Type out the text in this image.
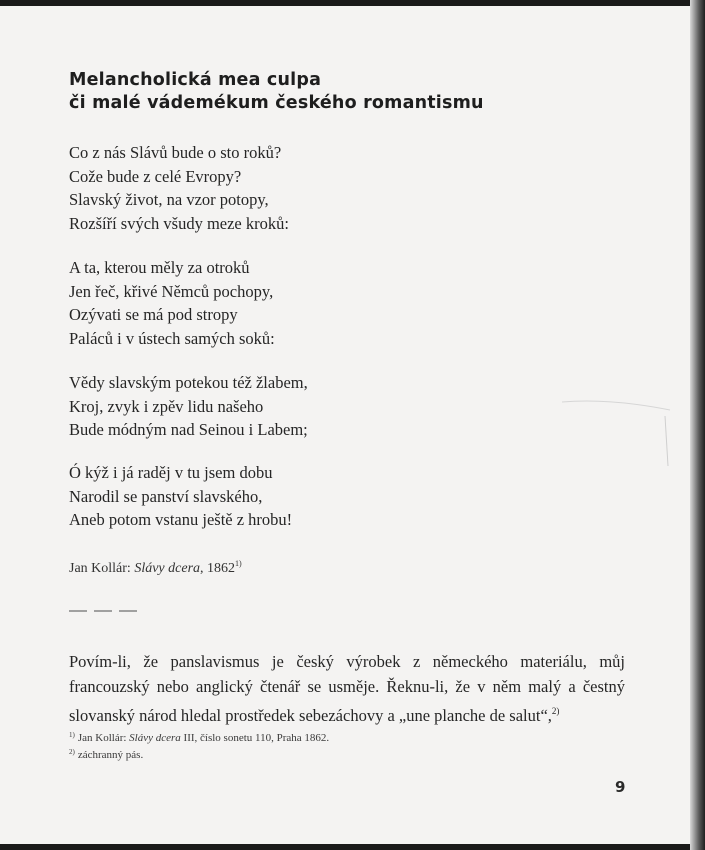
Melancholická mea culpa
či malé vádemékum českého romantismu
Co z nás Slávů bude o sto roků?
Cože bude z celé Evropy?
Slavský život, na vzor potopy,
Rozšíří svých všudy meze kroků:
A ta, kterou měly za otroků
Jen řeč, křivé Němců pochopy,
Ozývati se má pod stropy
Paláců i v ústech samých soků:
Vědy slavským potekou též žlabem,
Kroj, zvyk i zpěv lidu našeho
Bude módným nad Seinou i Labem;
Ó kýž i já raděj v tu jsem dobu
Narodil se panství slavského,
Aneb potom vstanu ještě z hrobu!
Jan Kollár: Slávy dcera, 1862$^{1)}$
Povím-li, že panslavismus je český výrobek z německého materiálu, můj francouzský nebo anglický čtenář se usměje. Řeknu-li, že v něm malý a čestný slovanský národ hledal prostředek sebezáchovy a „une planche de salut“,$^{2)}$
$^{1)}$ Jan Kollár: Slávy dcera III, číslo sonetu 110, Praha 1862.
$^{2)}$ záchranný pás.
9
